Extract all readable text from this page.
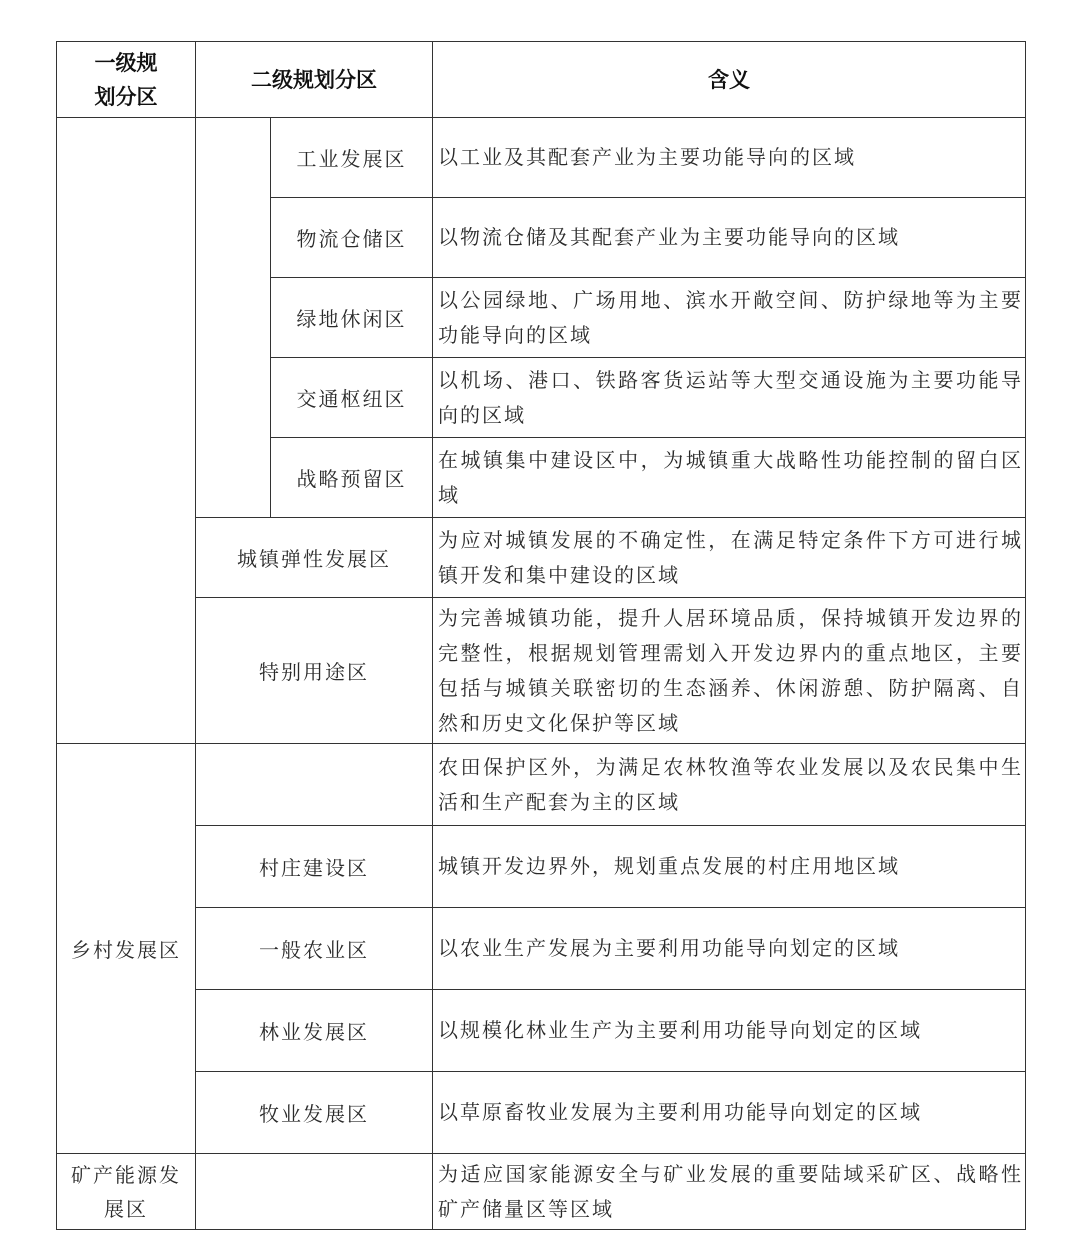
一级规划分区	二级规划分区		含义
		工业发展区	以工业及其配套产业为主要功能导向的区域
		物流仓储区	以物流仓储及其配套产业为主要功能导向的区域
		绿地休闲区	以公园绿地、广场用地、滨水开敞空间、防护绿地等为主要功能导向的区域
		交通枢纽区	以机场、港口、铁路客货运站等大型交通设施为主要功能导向的区域
		战略预留区	在城镇集中建设区中，为城镇重大战略性功能控制的留白区域
	城镇弹性发展区		为应对城镇发展的不确定性，在满足特定条件下方可进行城镇开发和集中建设的区域
	特别用途区		为完善城镇功能，提升人居环境品质，保持城镇开发边界的完整性，根据规划管理需划入开发边界内的重点地区，主要包括与城镇关联密切的生态涵养、休闲游憩、防护隔离、自然和历史文化保护等区域
乡村发展区			农田保护区外，为满足农林牧渔等农业发展以及农民集中生活和生产配套为主的区域
	村庄建设区		城镇开发边界外，规划重点发展的村庄用地区域
	一般农业区		以农业生产发展为主要利用功能导向划定的区域
	林业发展区		以规模化林业生产为主要利用功能导向划定的区域
	牧业发展区		以草原畜牧业发展为主要利用功能导向划定的区域
矿产能源发展区			为适应国家能源安全与矿业发展的重要陆域采矿区、战略性矿产储量区等区域
